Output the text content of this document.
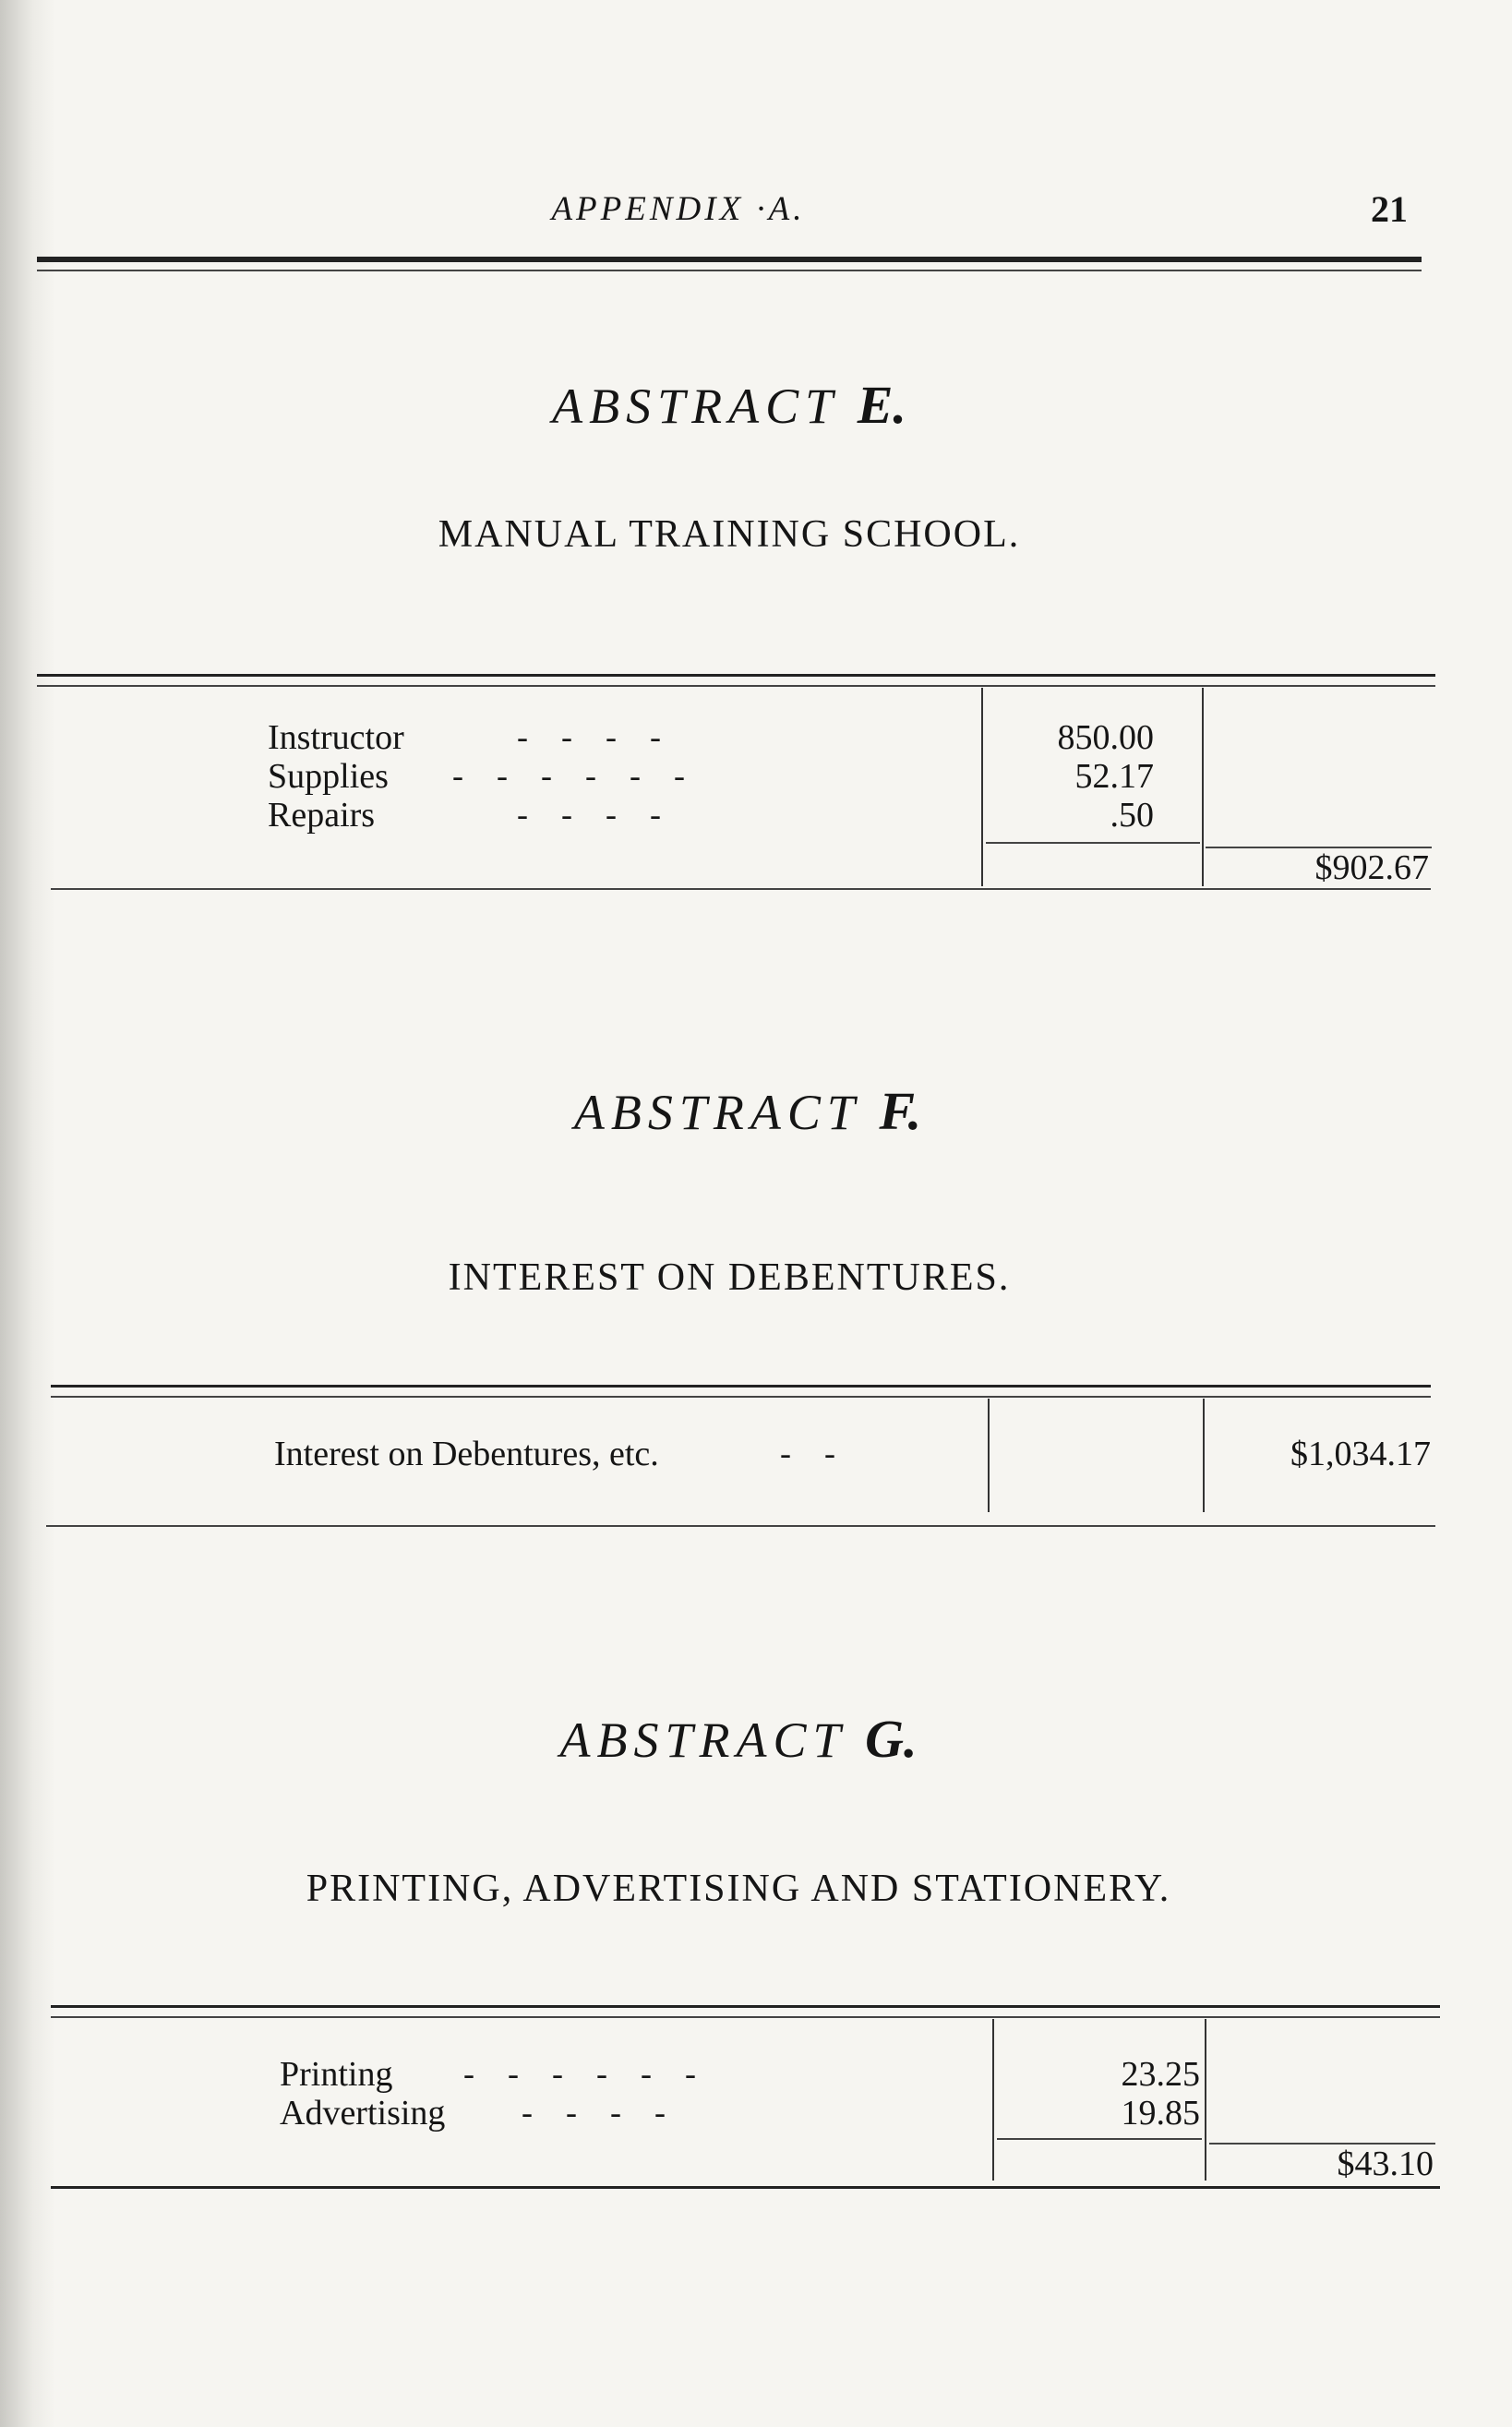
APPENDIX ·A.	21
ABSTRACT E.
MANUAL TRAINING SCHOOL.
Instructor	-    -    -    -	850.00
Supplies -    -    -    -    -    -	52.17
Repairs	-    -    -    -	.50
$902.67
ABSTRACT F.
INTEREST ON DEBENTURES.
Interest on Debentures, etc.	-    -	$1,034.17
ABSTRACT G.
PRINTING, ADVERTISING AND STATIONERY.
Printing -    -    -    -    -    -	23.25
Advertising -    -    -    -	19.85
$43.10
